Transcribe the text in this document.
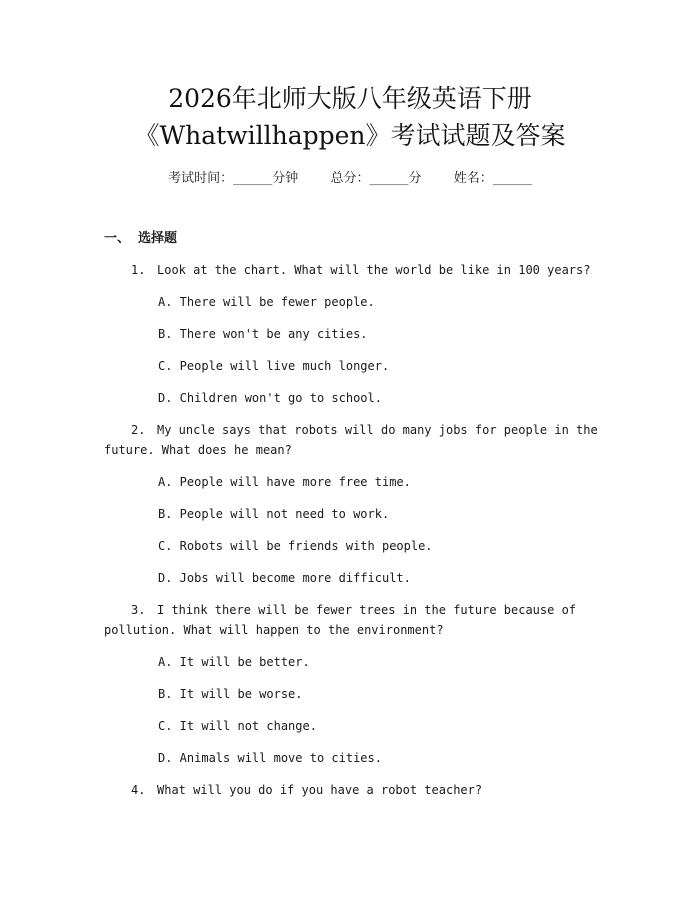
2026年北师大版八年级英语下册
《Whatwillhappen》考试试题及答案
考试时间：______分钟 总分：______分 姓名：______
一、 选择题
1. Look at the chart. What will the world be like in 100 years?
A. There will be fewer people.
B. There won't be any cities.
C. People will live much longer.
D. Children won't go to school.
2. My uncle says that robots will do many jobs for people in the
future. What does he mean?
A. People will have more free time.
B. People will not need to work.
C. Robots will be friends with people.
D. Jobs will become more difficult.
3. I think there will be fewer trees in the future because of
pollution. What will happen to the environment?
A. It will be better.
B. It will be worse.
C. It will not change.
D. Animals will move to cities.
4. What will you do if you have a robot teacher?
